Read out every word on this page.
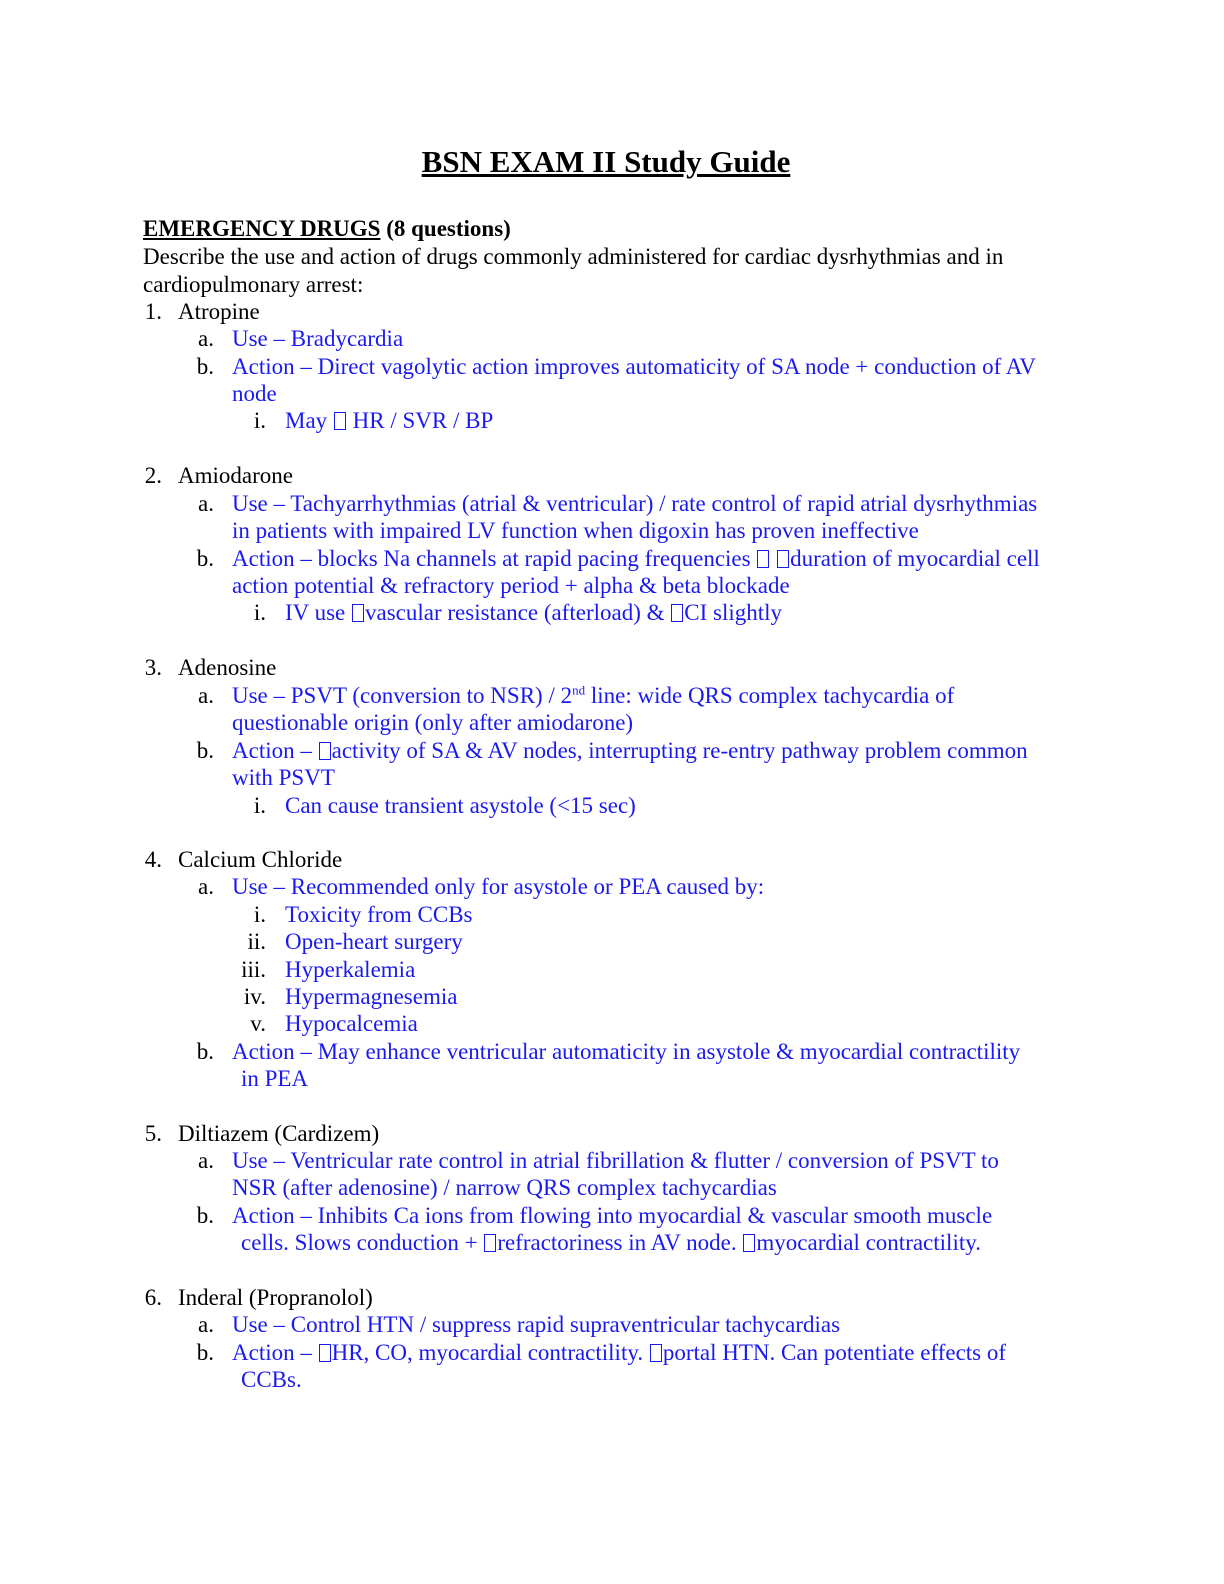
BSN EXAM II Study Guide
EMERGENCY DRUGS (8 questions)
Describe the use and action of drugs commonly administered for cardiac dysrhythmias and in
cardiopulmonary arrest:
1. Atropine
a. Use – Bradycardia
b. Action – Direct vagolytic action improves automaticity of SA node + conduction of AV
node
i. May  HR / SVR / BP
2. Amiodarone
a. Use – Tachyarrhythmias (atrial & ventricular) / rate control of rapid atrial dysrhythmias
in patients with impaired LV function when digoxin has proven ineffective
b. Action – blocks Na channels at rapid pacing frequencies duration of myocardial cell
action potential & refractory period + alpha & beta blockade
i. IV use vascular resistance (afterload) & CI slightly
3. Adenosine
a. Use – PSVT (conversion to NSR) / 2nd line: wide QRS complex tachycardia of
questionable origin (only after amiodarone)
b. Action – activity of SA & AV nodes, interrupting re-entry pathway problem common
with PSVT
i. Can cause transient asystole (<15 sec)
4. Calcium Chloride
a. Use – Recommended only for asystole or PEA caused by:
i. Toxicity from CCBs
ii. Open-heart surgery
iii. Hyperkalemia
iv. Hypermagnesemia
v. Hypocalcemia
b. Action – May enhance ventricular automaticity in asystole & myocardial contractility
in PEA
5. Diltiazem (Cardizem)
a. Use – Ventricular rate control in atrial fibrillation & flutter / conversion of PSVT to
NSR (after adenosine) / narrow QRS complex tachycardias
b. Action – Inhibits Ca ions from flowing into myocardial & vascular smooth muscle
cells. Slows conduction + refractoriness in AV node. myocardial contractility.
6. Inderal (Propranolol)
a. Use – Control HTN / suppress rapid supraventricular tachycardias
b. Action – HR, CO, myocardial contractility. portal HTN. Can potentiate effects of
CCBs.
